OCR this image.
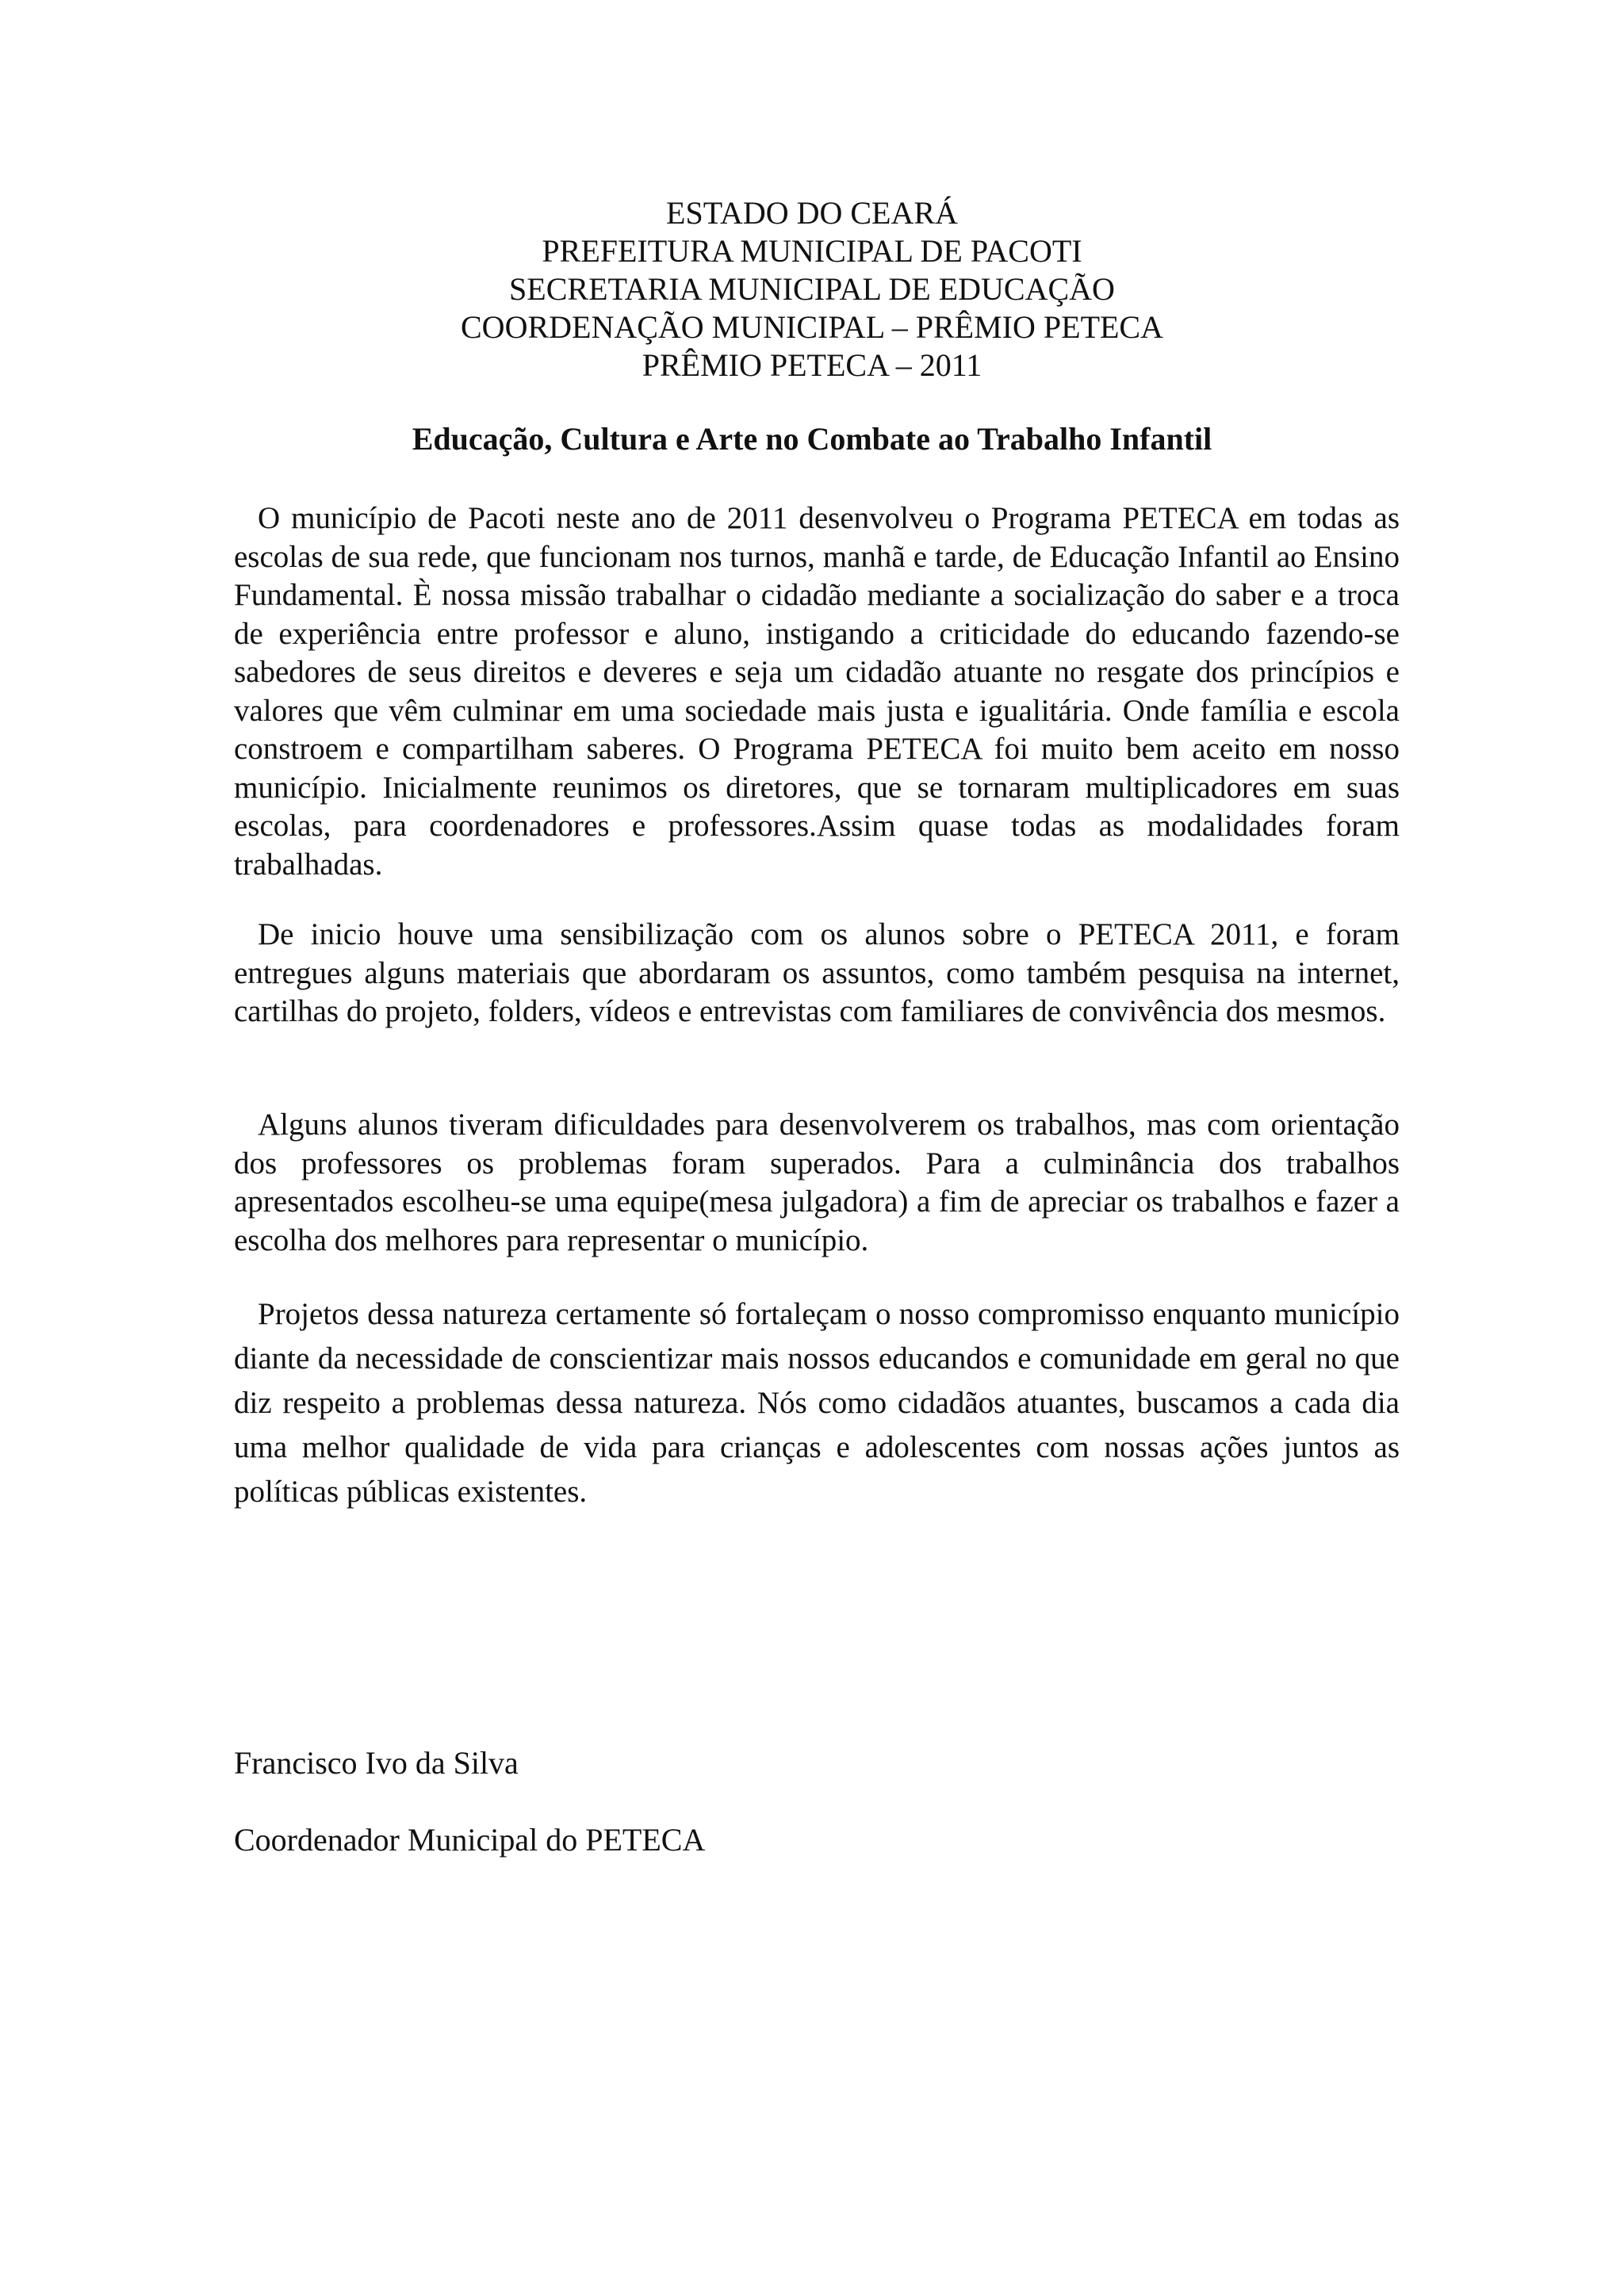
ESTADO DO CEARÁ
PREFEITURA MUNICIPAL DE PACOTI
SECRETARIA MUNICIPAL DE EDUCAÇÃO
COORDENAÇÃO MUNICIPAL – PRÊMIO PETECA
PRÊMIO PETECA – 2011
Educação, Cultura e Arte no Combate ao Trabalho Infantil

O município de Pacoti neste ano de 2011 desenvolveu o Programa PETECA em todas as escolas de sua rede, que funcionam nos turnos, manhã e tarde, de Educação Infantil ao Ensino Fundamental. È nossa missão trabalhar o cidadão mediante a socialização do saber e a troca de experiência entre professor e aluno, instigando a criticidade do educando fazendo-se sabedores de seus direitos e deveres e seja um cidadão atuante no resgate dos princípios e valores que vêm culminar em uma sociedade mais justa e igualitária. Onde família e escola constroem e compartilham saberes. O Programa PETECA foi muito bem aceito em nosso município. Inicialmente reunimos os diretores, que se tornaram multiplicadores em suas escolas, para coordenadores e professores.Assim quase todas as modalidades foram trabalhadas.

De inicio houve uma sensibilização com os alunos sobre o PETECA 2011, e foram entregues alguns materiais que abordaram os assuntos, como também pesquisa na internet, cartilhas do projeto, folders, vídeos e entrevistas com familiares de convivência dos mesmos.

Alguns alunos tiveram dificuldades para desenvolverem os trabalhos, mas com orientação dos professores os problemas foram superados. Para a culminância dos trabalhos apresentados escolheu-se uma equipe(mesa julgadora) a fim de apreciar os trabalhos e fazer a escolha dos melhores para representar o município.

Projetos dessa natureza certamente só fortaleçam o nosso compromisso enquanto município diante da necessidade de conscientizar mais nossos educandos e comunidade em geral no que diz respeito a problemas dessa natureza. Nós como cidadãos atuantes, buscamos a cada dia uma melhor qualidade de vida para crianças e adolescentes com nossas ações juntos as políticas públicas existentes.

Francisco Ivo da Silva

Coordenador Municipal do PETECA
